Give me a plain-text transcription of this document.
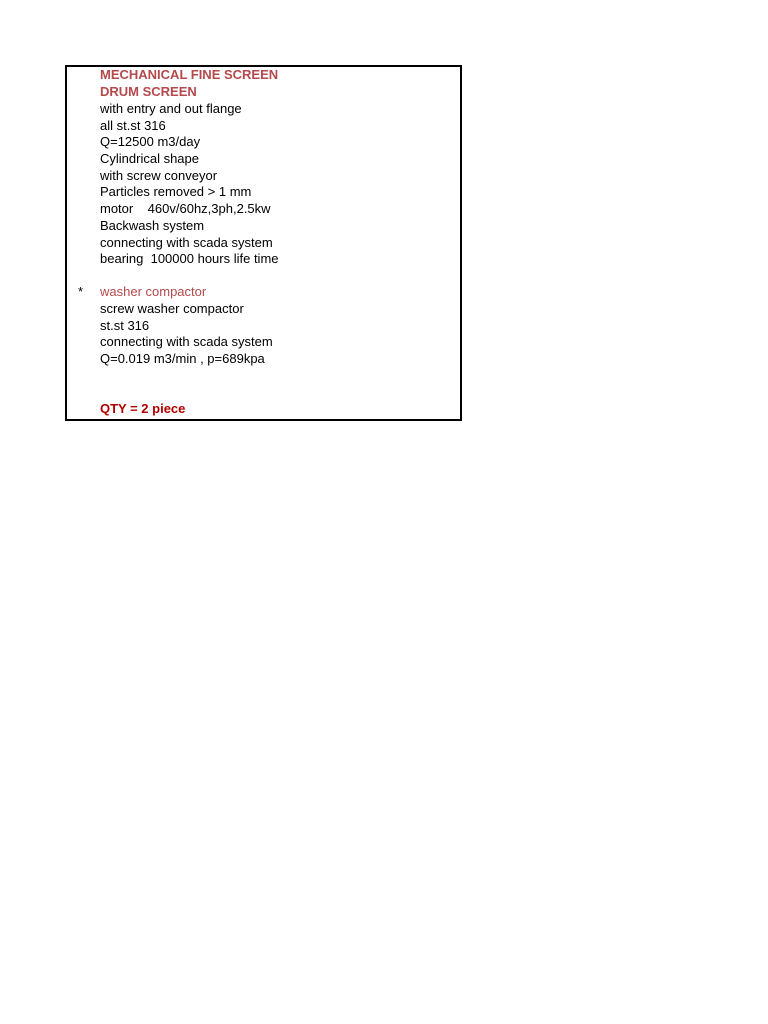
MECHANICAL FINE SCREEN
DRUM SCREEN
with entry and out flange
all st.st 316
Q=12500 m3/day
Cylindrical shape
with screw conveyor
Particles removed > 1 mm
motor    460v/60hz,3ph,2.5kw
Backwash system
connecting with scada system
bearing  100000 hours life time
* washer compactor
screw washer compactor
st.st 316
connecting with scada system
Q=0.019 m3/min , p=689kpa
QTY = 2 piece
